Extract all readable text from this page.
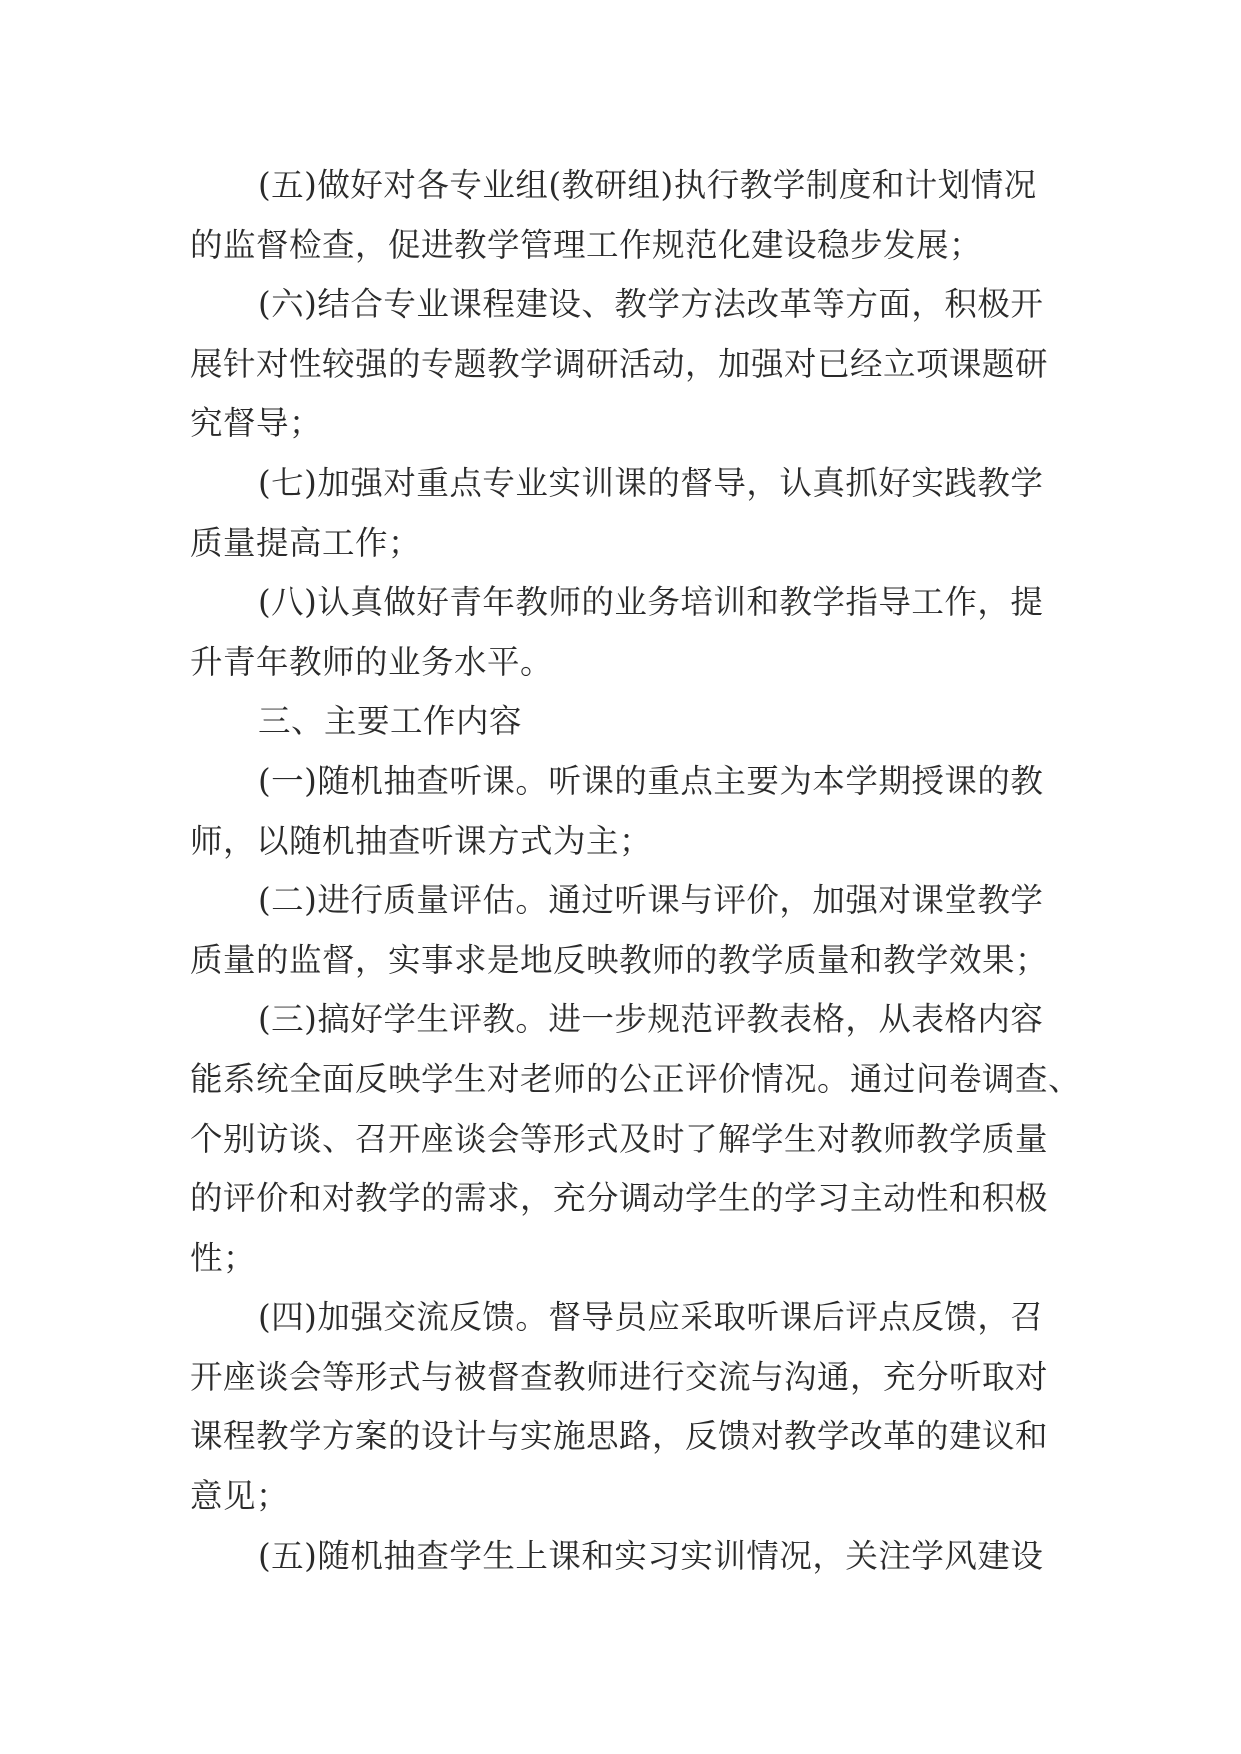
(五)做好对各专业组(教研组)执行教学制度和计划情况
的监督检查，促进教学管理工作规范化建设稳步发展；
(六)结合专业课程建设、教学方法改革等方面，积极开
展针对性较强的专题教学调研活动，加强对已经立项课题研
究督导；
(七)加强对重点专业实训课的督导，认真抓好实践教学
质量提高工作；
(八)认真做好青年教师的业务培训和教学指导工作，提
升青年教师的业务水平。
三、主要工作内容
(一)随机抽查听课。听课的重点主要为本学期授课的教
师，以随机抽查听课方式为主；
(二)进行质量评估。通过听课与评价，加强对课堂教学
质量的监督，实事求是地反映教师的教学质量和教学效果；
(三)搞好学生评教。进一步规范评教表格，从表格内容
能系统全面反映学生对老师的公正评价情况。通过问卷调查、
个别访谈、召开座谈会等形式及时了解学生对教师教学质量
的评价和对教学的需求，充分调动学生的学习主动性和积极
性；
(四)加强交流反馈。督导员应采取听课后评点反馈，召
开座谈会等形式与被督查教师进行交流与沟通，充分听取对
课程教学方案的设计与实施思路，反馈对教学改革的建议和
意见；
(五)随机抽查学生上课和实习实训情况，关注学风建设
